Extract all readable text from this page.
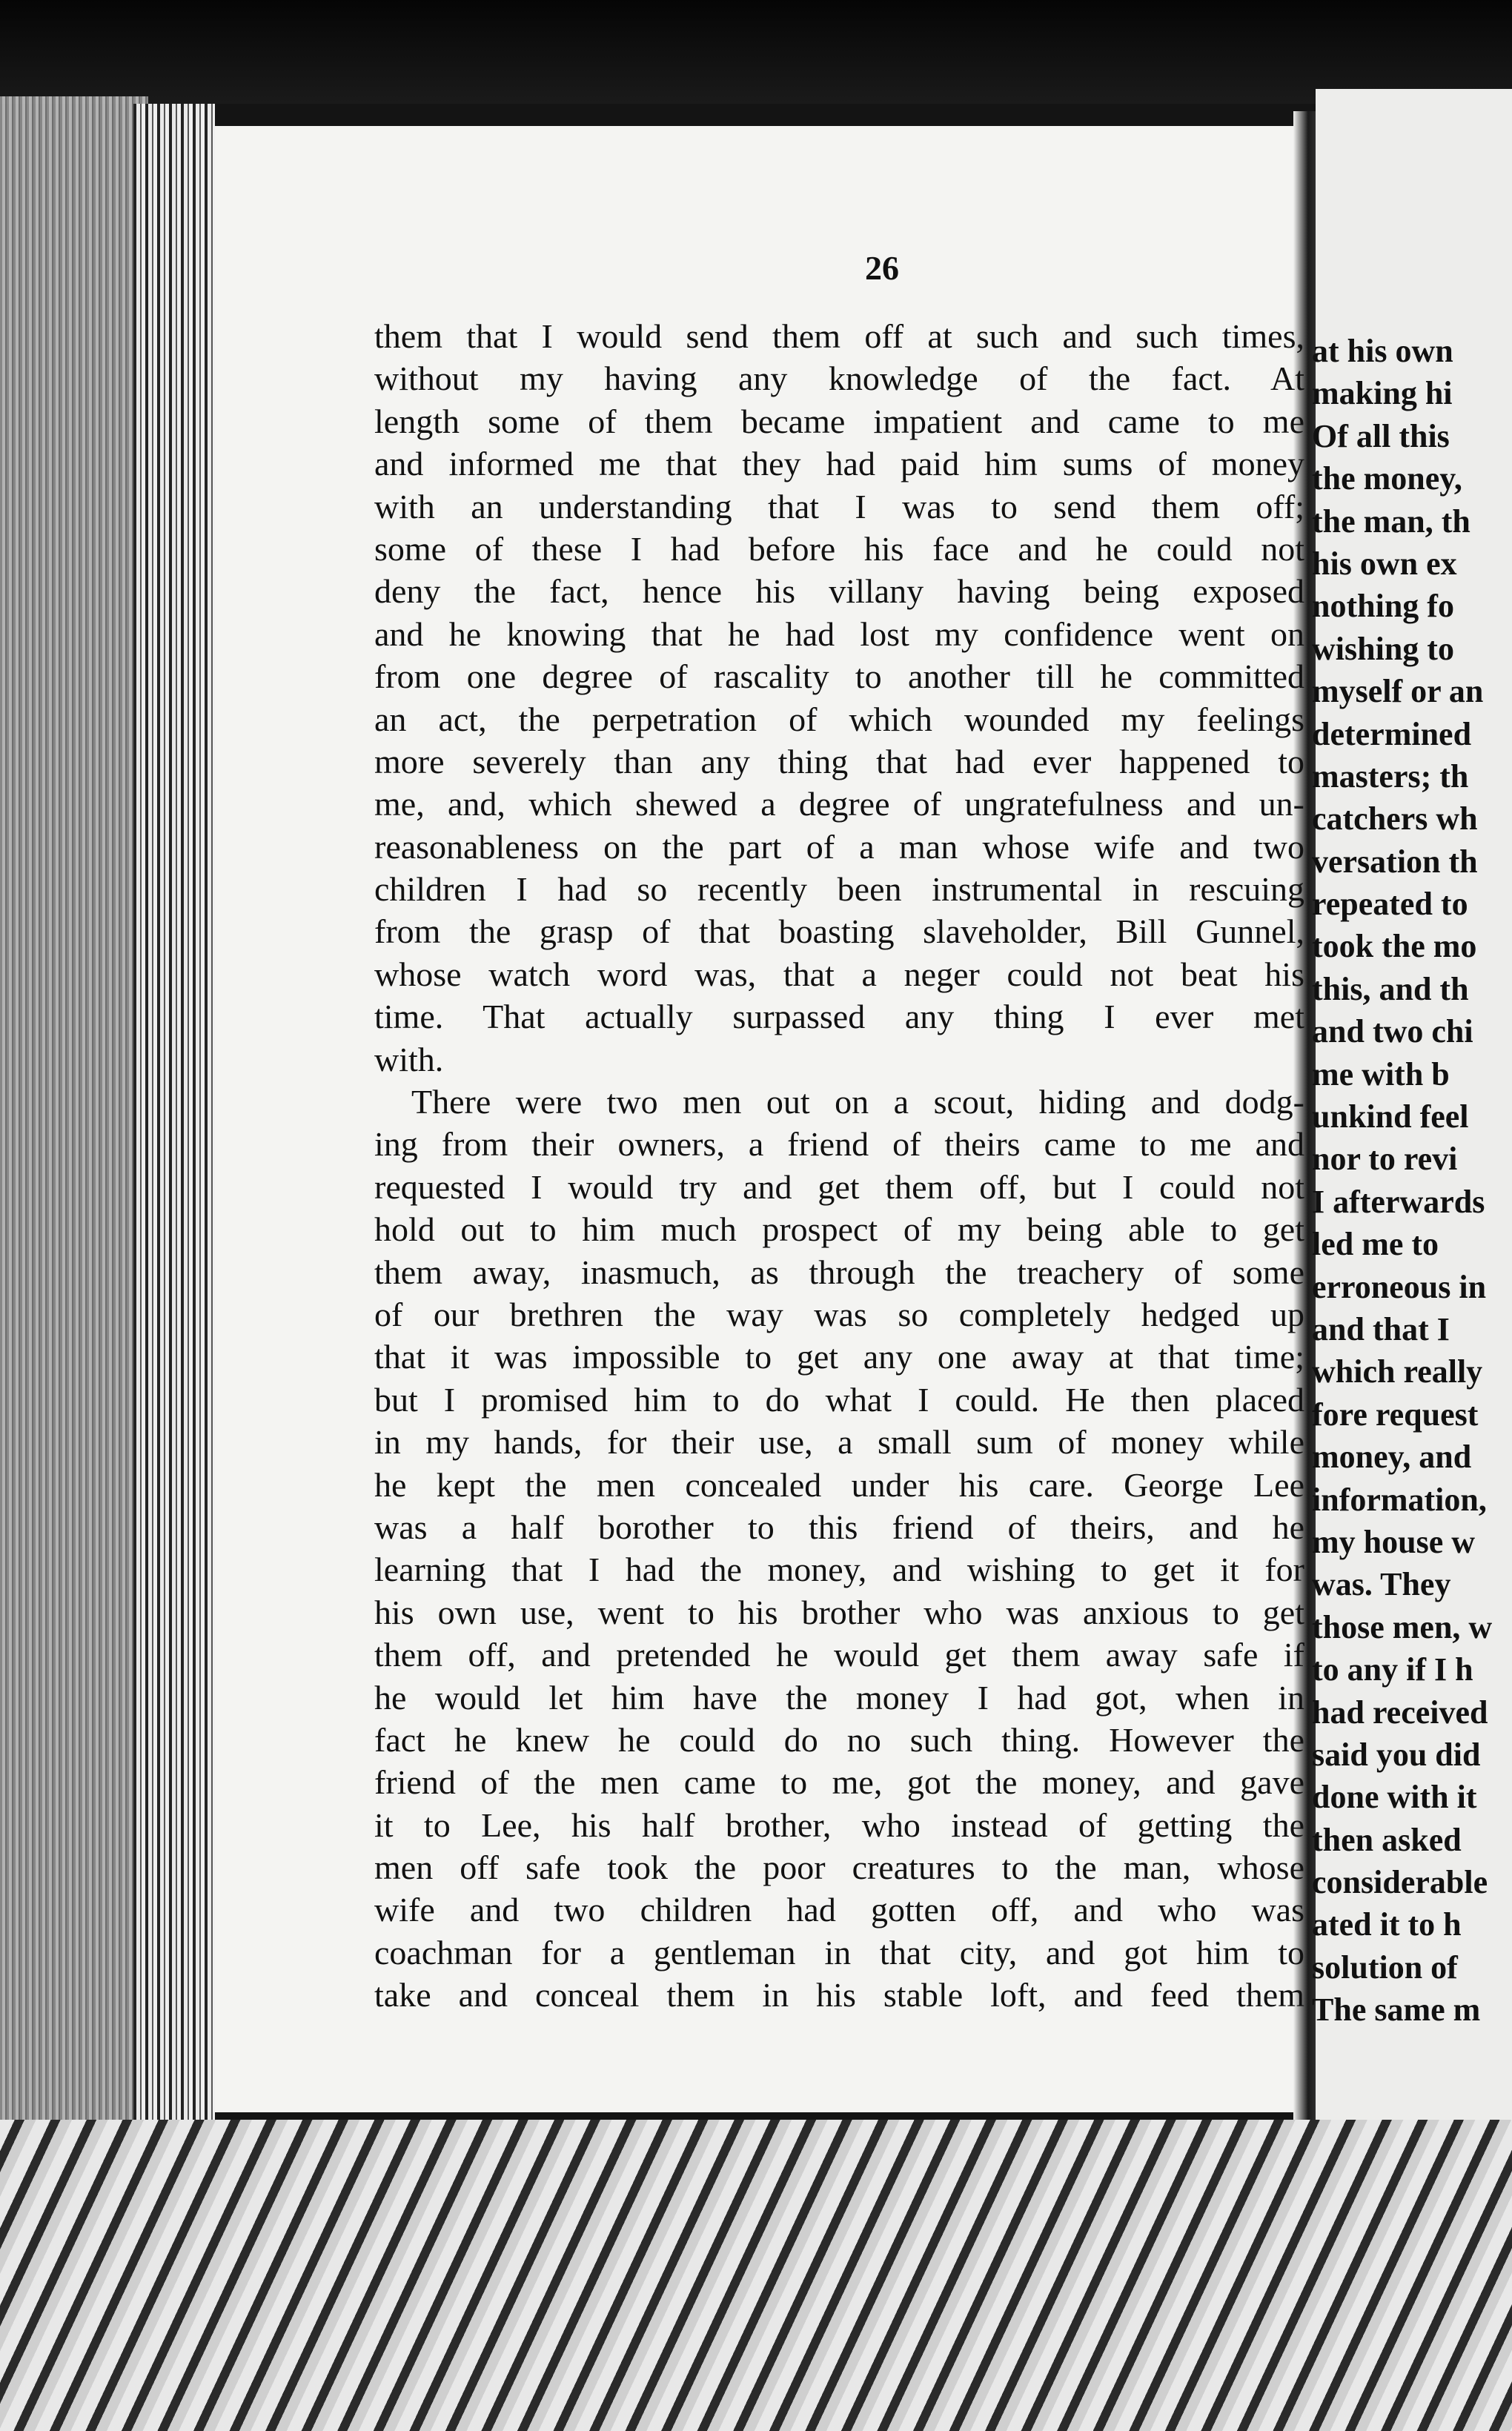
26
them that I would send them off at such and such times,
without my having any knowledge of the fact. At
length some of them became impatient and came to me
and informed me that they had paid him sums of money
with an understanding that I was to send them off;
some of these I had before his face and he could not
deny the fact, hence his villany having being exposed
and he knowing that he had lost my confidence went on
from one degree of rascality to another till he committed
an act, the perpetration of which wounded my feelings
more severely than any thing that had ever happened to
me, and, which shewed a degree of ungratefulness and un-
reasonableness on the part of a man whose wife and two
children I had so recently been instrumental in rescuing
from the grasp of that boasting slaveholder, Bill Gunnel,
whose watch word was, that a neger could not beat his
time. That actually surpassed any thing I ever met
with.
There were two men out on a scout, hiding and dodg-
ing from their owners, a friend of theirs came to me and
requested I would try and get them off, but I could not
hold out to him much prospect of my being able to get
them away, inasmuch, as through the treachery of some
of our brethren the way was so completely hedged up
that it was impossible to get any one away at that time;
but I promised him to do what I could. He then placed
in my hands, for their use, a small sum of money while
he kept the men concealed under his care. George Lee
was a half borother to this friend of theirs, and he
learning that I had the money, and wishing to get it for
his own use, went to his brother who was anxious to get
them off, and pretended he would get them away safe if
he would let him have the money I had got, when in
fact he knew he could do no such thing. However the
friend of the men came to me, got the money, and gave
it to Lee, his half brother, who instead of getting the
men off safe took the poor creatures to the man, whose
wife and two children had gotten off, and who was
coachman for a gentleman in that city, and got him to
take and conceal them in his stable loft, and feed them
at his own
making hi
Of all this
the money,
the man, th
his own ex
nothing fo
wishing to
myself or an
determined
masters; th
catchers wh
versation th
repeated to
took the mo
this, and th
and two chi
me with b
unkind feel
nor to revi
I afterwards
led me to
erroneous in
and that I
which really
fore request
money, and
information,
my house w
was. They
those men, w
to any if I h
had received
said you did
done with it
then asked
considerable
ated it to h
solution of
The same m
